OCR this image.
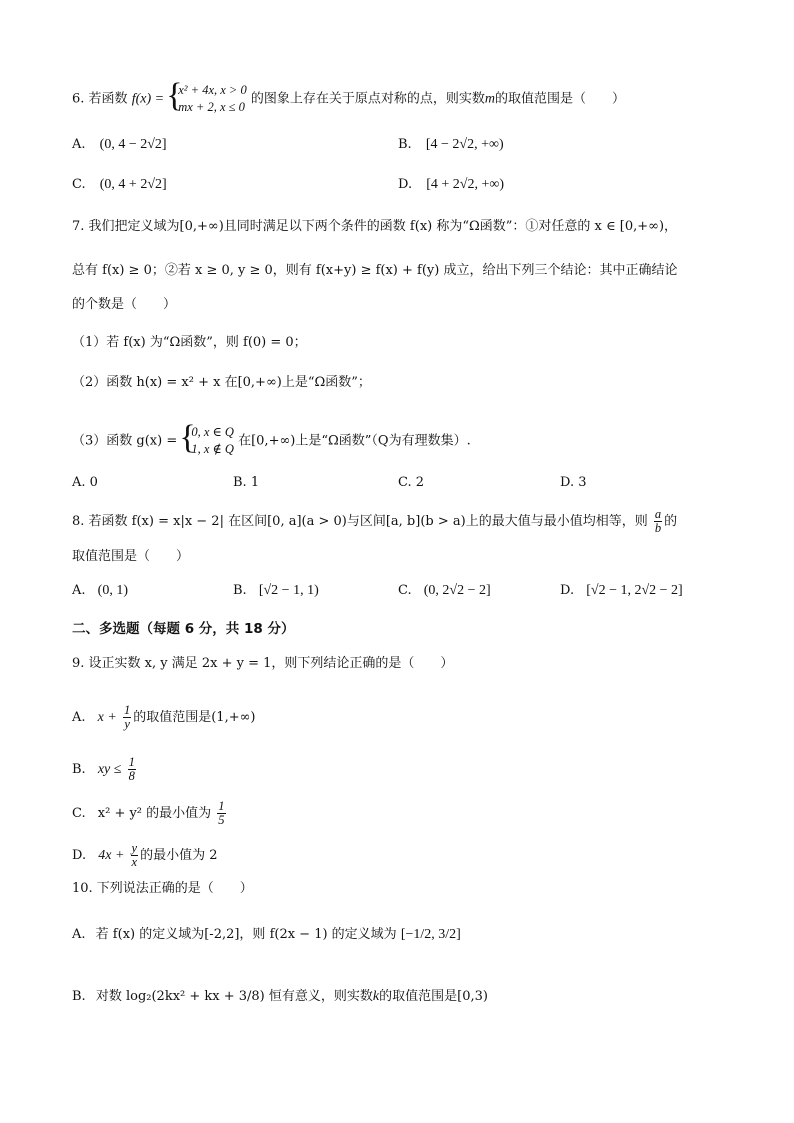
6. 若函数 f(x) =
{ x² + 4x, x > 0
mx + 2, x ≤ 0
的图象上存在关于原点对称的点，则实数m的取值范围是（　　）
A. (0, 4 − 2√2]	B. [4 − 2√2, +∞)
C. (0, 4 + 2√2]	D. [4 + 2√2, +∞)
7. 我们把定义域为[0,+∞)且同时满足以下两个条件的函数 f(x) 称为“Ω函数”：①对任意的 x ∈ [0,+∞)，
总有 f(x) ≥ 0；②若 x ≥ 0, y ≥ 0，则有 f(x+y) ≥ f(x) + f(y) 成立，给出下列三个结论：其中正确结论
的个数是（　　）
（1）若 f(x) 为“Ω函数”，则 f(0) = 0；
（2）函数 h(x) = x² + x 在[0,+∞)上是“Ω函数”；
（3）函数 g(x) =
{ 0, x ∈ Q
1, x ∉ Q
在[0,+∞)上是“Ω函数”（Q为有理数集）.
A. 0	B. 1	C. 2	D. 3
8. 若函数 f(x) = x|x − 2| 在区间[0, a](a > 0)与区间[a, b](b > a)上的最大值与最小值均相等，则 $\frac{a}{b}$ 的
取值范围是（　　）
A. (0, 1)	B. [√2 − 1, 1)	C. (0, 2√2 − 2]	D. [√2 − 1, 2√2 − 2]
二、多选题（每题 6 分，共 18 分）
9. 设正实数 x, y 满足 2x + y = 1，则下列结论正确的是（　　）
A. $x + \frac{1}{y}$ 的取值范围是(1,+∞)
B. xy ≤ $\frac{1}{8}$
C. x² + y² 的最小值为 $\frac{1}{5}$
D. $4x + \frac{y}{x}$ 的最小值为 2
10. 下列说法正确的是（　　）
A. 若 f(x) 的定义域为[-2,2]，则 f(2x − 1) 的定义域为 [−1/2, 3/2]
B. 对数 log₂(2kx² + kx + 3/8) 恒有意义，则实数k的取值范围是[0,3)
